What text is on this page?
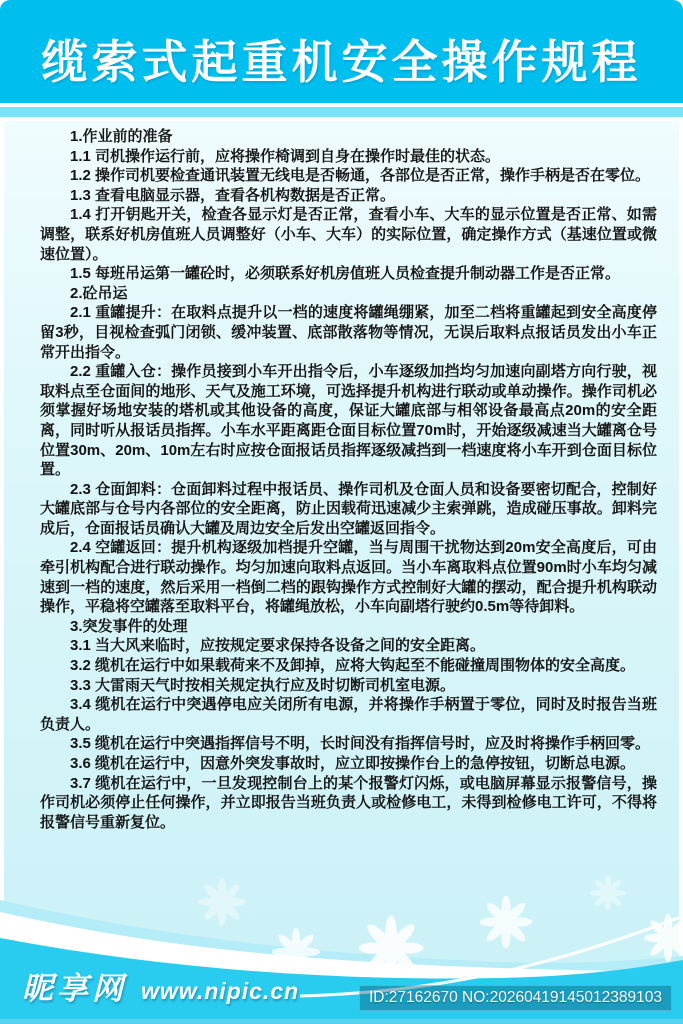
缆索式起重机安全操作规程

1.作业前的准备

1.1 司机操作运行前，应将操作椅调到自身在操作时最佳的状态。

1.2 操作司机要检查通讯装置无线电是否畅通，各部位是否正常，操作手柄是否在零位。

1.3 查看电脑显示器，查看各机构数据是否正常。

1.4 打开钥匙开关，检查各显示灯是否正常，查看小车、大车的显示位置是否正常、如需调整，联系好机房值班人员调整好（小车、大车）的实际位置，确定操作方式（基速位置或微速位置）。

1.5 每班吊运第一罐砼时，必须联系好机房值班人员检查提升制动器工作是否正常。

2.砼吊运

2.1 重罐提升：在取料点提升以一档的速度将罐绳绷紧，加至二档将重罐起到安全高度停留3秒，目视检查弧门闭锁、缓冲装置、底部散落物等情况，无误后取料点报话员发出小车正常开出指令。

2.2 重罐入仓：操作员接到小车开出指令后，小车逐级加挡均匀加速向副塔方向行驶，视取料点至仓面间的地形、天气及施工环境，可选择提升机构进行联动或单动操作。操作司机必须掌握好场地安装的塔机或其他设备的高度，保证大罐底部与相邻设备最高点20m的安全距离，同时听从报话员指挥。小车水平距离距仓面目标位置70m时，开始逐级减速当大罐离仓号位置30m、20m、10m左右时应按仓面报话员指挥逐级减挡到一档速度将小车开到仓面目标位置。

2.3 仓面卸料：仓面卸料过程中报话员、操作司机及仓面人员和设备要密切配合，控制好大罐底部与仓号内各部位的安全距离，防止因载荷迅速减少主索弹跳，造成碰压事故。卸料完成后，仓面报话员确认大罐及周边安全后发出空罐返回指令。

2.4 空罐返回：提升机构逐级加档提升空罐，当与周围干扰物达到20m安全高度后，可由牵引机构配合进行联动操作。均匀加速向取料点返回。当小车离取料点位置90m时小车均匀减速到一档的速度，然后采用一档倒二档的跟钩操作方式控制好大罐的摆动，配合提升机构联动操作，平稳将空罐落至取料平台，将罐绳放松，小车向副塔行驶约0.5m等待卸料。

3.突发事件的处理

3.1 当大风来临时，应按规定要求保持各设备之间的安全距离。

3.2 缆机在运行中如果载荷来不及卸掉，应将大钩起至不能碰撞周围物体的安全高度。

3.3 大雷雨天气时按相关规定执行应及时切断司机室电源。

3.4 缆机在运行中突遇停电应关闭所有电源，并将操作手柄置于零位，同时及时报告当班负责人。

3.5 缆机在运行中突遇指挥信号不明，长时间没有指挥信号时，应及时将操作手柄回零。

3.6 缆机在运行中，因意外突发事故时，应立即按操作台上的急停按钮，切断总电源。

3.7 缆机在运行中，一旦发现控制台上的某个报警灯闪烁，或电脑屏幕显示报警信号，操作司机必须停止任何操作，并立即报告当班负责人或检修电工，未得到检修电工许可，不得将报警信号重新复位。

昵享网 www.nipic.cn	ID:27162670 NO:20260419145012389103
